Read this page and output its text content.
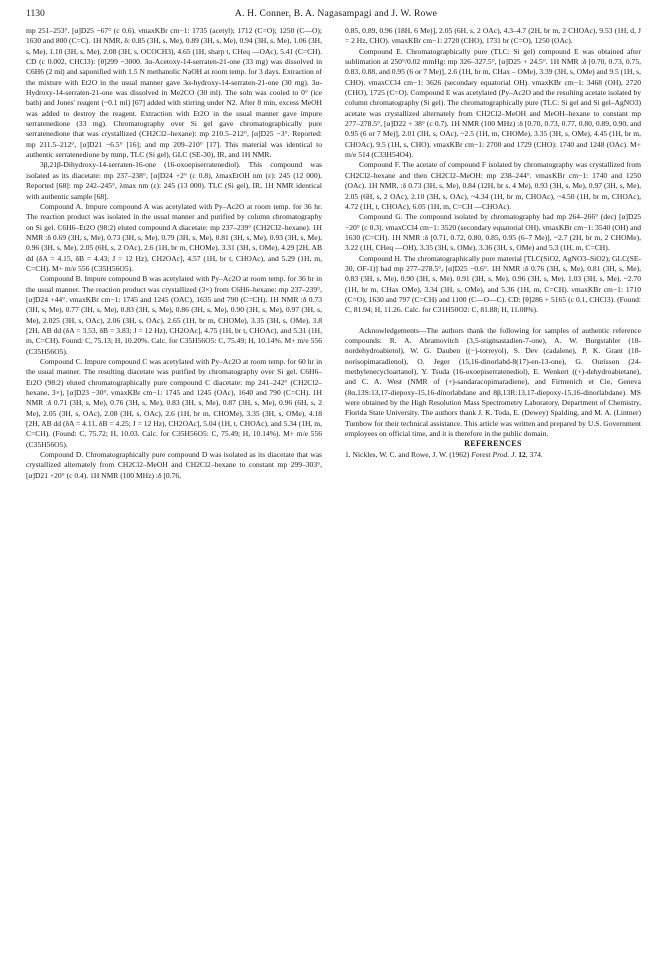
1130	A. H. Conner, B. A. Nagasampagi and J. W. Rowe

mp 251–253°. [α]D25 −67° (c 0.6). νmaxKBr cm−1: 1735 (acetyl); 1712 (C=O); 1250 (C—O); 1630 and 800 (C=C). 1H NMR, δ: 0.85 (3H, s, Me), 0.89 (3H, s, Me), 0.94 (3H, s, Me), 1.06 (3H, s, Me), 1.10 (3H, s, Me), 2.08 (3H, s, OCOCH3), 4.65 (1H, sharp t, CHeq —OAc), 5.41 (C=CH). CD (c 0.002, CHCl3): [θ]299 −3000. 3α-Acetoxy-14-serraten-21-one (33 mg) was dissolved in C6H6 (2 ml) and saponified with 1.5 N methanolic NaOH at room temp. for 3 days. Extraction of the mixture with Et2O in the usual manner gave 3α-hydroxy-14-serraten-21-one (30 mg). 3α-Hydroxy-14-serraten-21-one was dissolved in Me2CO (30 ml). The soln was cooled to 0° (ice bath) and Jones' reagent (~0.1 ml) [67] added with stirring under N2. After 8 min, excess MeOH was added to destroy the reagent. Extraction with Et2O in the usual manner gave impure serratenedione (33 mg). Chromatography over Si gel gave chromatographically pure serratenedione that was crystallized (CH2Cl2–hexane): mp 210.5–212°, [α]D25 −3°. Reported: mp 211.5–212°, [α]D21 −6.5° [16]; and mp 209–210° [17]. This material was identical to authentic serratenedione by mmp, TLC (Si gel), GLC (SE-30), IR, and 1H NMR.

3β,21β-Dihydroxy-14-serraten-16-one (16-oxoepiserratenediol). This compound was isolated as its diacetate: mp 237–238°, [α]D24 +2° (c 0.8), λmaxEtOH nm (ε): 245 (12 000). Reported [68]: mp 242–245°, λmax nm (ε): 245 (13 000). TLC (Si gel), IR, 1H NMR identical with authentic sample [68].

Compound A. Impure compound A was acetylated with Py–Ac2O at room temp. for 36 hr. The reaction product was isolated in the usual manner and purified by column chromatography on Si gel. C6H6–Et2O (98:2) eluted compound A diacetate: mp 237–239° (CH2Cl2–hexane). 1H NMR :δ 0.69 (3H, s, Me), 0.73 (3H, s, Me), 0.79 (3H, s, Me), 0.81 (3H, s, Me), 0.93 (3H, s, Me), 0.96 (3H, s, Me), 2.05 (6H, s, 2 OAc), 2.6 (1H, br m, CHOMe), 3.31 (3H, s, OMe), 4.29 [2H, AB dd (δA = 4.15, δB = 4.43; J = 12 Hz), CH2OAc], 4.57 (1H, br t, CHOAc), and 5.29 (1H, m, C=CH). M+ m/e 556 (C35H56O5).

Compound B. Impure compound B was acetylated with Py–Ac2O at room temp. for 36 hr in the usual manner. The reaction product was crystallized (3×) from C6H6–hexane: mp 237–239°, [α]D24 +44°. νmaxKBr cm−1: 1745 and 1245 (OAC), 1635 and 790 (C=CH). 1H NMR :δ 0.73 (3H, s, Me), 0.77 (3H, s, Me), 0.83 (3H, s, Me), 0.86 (3H, s, Me), 0.90 (3H, s, Me), 0.97 (3H, s, Me), 2.025 (3H, s, OAc), 2.06 (3H, s, OAc), 2.65 (1H, br m, CHOMe), 3.35 (3H, s, OMe), 3.8 [2H, AB dd (δA = 3.53, δB = 3.83; J = 12 Hz), CH2OAc], 4.75 (1H, br t, CHOAc), and 5.31 (1H, m, C=CH). Found: C, 75.13; H, 10.20%. Calc. for C35H56O5: C, 75.49; H, 10.14%. M+ m/e 556 (C35H56O5).

Compound C. Impure compound C was acetylated with Py–Ac2O at room temp. for 60 hr in the usual manner. The resulting diacetate was purified by chromatography over Si gel. C6H6–Et2O (98:2) eluted chromatographically pure compound C diacetate: mp 241–242° (CH2Cl2–hexane, 3×), [α]D23 −30°. νmaxKBr cm−1: 1745 and 1245 (OAc), 1640 and 790 (C=CH). 1H NMR :δ 0.71 (3H, s, Me), 0.76 (3H, s, Me), 0.83 (3H, s, Me), 0.87 (3H, s, Me), 0.96 (6H, s, 2 Me), 2.05 (3H, s, OAc), 2.08 (3H, s, OAc), 2.6 (1H, br m, CHOMe), 3.35 (3H, s, OMe), 4.18 [2H, AB dd (δA = 4.11, δB = 4.25; J = 12 Hz), CH2OAc], 5.04 (1H, t, CHOAc), and 5.34 (1H, m, C=CH). (Found: C, 75.72; H, 10.03. Calc. for C35H56O5: C, 75.49; H, 10.14%). M+ m/e 556 (C35H56O5).

Compound D. Chromatographically pure compound D was isolated as its diacetate that was crystallized alternately from CH2Cl2–MeOH and CH2Cl2–hexane to constant mp 299–303°, [α]D21 +20° (c 0.4). 1H NMR (100 MHz) :δ [0.76,

0.85, 0.89, 0.96 (18H, 6 Me)], 2.05 (6H, s, 2 OAc), 4.3–4.7 (2H, br m, 2 CHOAc), 9.53 (1H, d, J = 2 Hz, CHO). νmaxKBr cm−1: 2720 (CHO), 1731 br (C=O), 1250 (OAc).

Compound E. Chromatographically pure (TLC: Si gel) compound E was obtained after sublimation at 250°/0.02 mmHg: mp 326–327.5°, [α]D25 + 24.5°. 1H NMR :δ [0.70, 0.73, 0.75, 0.83, 0.88, and 0.95 (6 or 7 Me)], 2.6 (1H, br m, CHax – OMe), 3.39 (3H, s, OMe) and 9.5 (1H, s, CHO). νmaxCCl4 cm−1: 3626 (secondary equatorial OH). νmaxKBr cm−1: 3468 (OH), 2720 (CHO), 1725 (C=O). Compound E was acetylated (Py–Ac2O and the resulting acetate isolated by column chromatography (Si gel). The chromatographically pure (TLC: Si gel and Si gel–AgNO3) acetate was crystallized alternately from CH2Cl2–MeOH and MeOH–hexane to constant mp 277–278.5°, [α]D22 + 38° (c 0.7). 1H NMR (100 MHz) :δ [0.70, 0.73, 0.77, 0.80, 0.89, 0.90, and 0.95 (6 or 7 Me)], 2.01 (3H, s, OAc), ~2.5 (1H, m, CHOMe), 3.35 (3H, s, OMe), 4.45 (1H, br m, CHOAc), 9.5 (1H, s, CHO). νmaxKBr cm−1: 2700 and 1729 (CHO): 1740 and 1248 (OAc). M+ m/e 514 (C33H54O4).

Compound F. The acetate of compound F isolated by chromatography was crystallized from CH2Cl2–hexane and then CH2Cl2–MeOH: mp 238–244°. νmaxKBr cm−1: 1740 and 1250 (OAc). 1H NMR, :δ 0.73 (3H, s, Me), 0.84 (12H, br s, 4 Me), 0.93 (3H, s, Me), 0.97 (3H, s, Me), 2.05 (6H, s, 2 OAc), 2.10 (3H, s, OAc), ~4.34 (1H, br m, CHOAc), ~4.50 (1H, br m, CHOAc), 4.72 (1H, t, CHOAc), 6.05 (1H, m, C=CH —CHOAc).

Compound G. The compound isolated by chromatography had mp 264–266° (dec) [α]D25 −20° (c 0.3). νmaxCCl4 cm−1: 3520 (secondary equatorial OH). νmaxKBr cm−1: 3540 (OH) and 1630 (C=CH). 1H NMR :δ [0.71, 0.72, 0.80, 0.85, 0.95 (6–7 Me)], ~2.7 (2H, br m, 2 CHOMe), 3.22 (1H, CHeq —OH), 3.35 (3H, s, OMe), 3.36 (3H, s, OMe) and 5.3 (1H, m, C=CH).

Compound H. The chromatographically pure material [TLC(SiO2, AgNO3–SiO2); GLC(SE-30, OF-1)] had mp 277–278.5°, [α]D25 −0.6°. 1H NMR :δ 0.76 (3H, s, Me), 0.81 (3H, s, Me), 0.83 (3H, s, Me), 0.90 (3H, s, Me), 0.91 (3H, s, Me), 0.96 (3H, s, Me), 1.03 (3H, s, Me), ~2.70 (1H, br m, CHax OMe), 3.34 (3H, s, OMe), and 5.36 (1H, m, C=CH). νmaxKBr cm−1: 1710 (C=O), 1630 and 797 (C=CH) and 1100 (C—O—C). CD: [θ]286 + 5165 (c 0.1, CHCl3). (Found: C, 81.94; H, 11.26. Calc. for C31H50O2: C, 81.88; H, 11.08%).

Acknowledgements—The authors thank the following for samples of authentic reference compounds: R. A. Abramovitch (3,5-stigmastadien-7-one), A. W. Burgstahler (18-nordehydroabietol), W. G. Dauben ((−)-torreyol), S. Dev (cadalene), P. K. Grant (18-norisopimaradienol), O. Jeger (15,16-dinorlabd-8(17)-en-13-one), G. Ourisson (24-methylenecycloartanol), Y. Tsuda (16-oxoepiserratenediol), E. Wenkert ((+)-dehydroabietane), and C. A. West (NMR of (+)-sandaracopimaradiene), and Firmenich et Cie, Geneva (8α,13S:13,17-diepoxy-15,16-dinorlabdane and 8β,13R:13,17-diepoxy-15,16-dinorlabdane). MS were obtained by the High Resolution Mass Spectrometry Laboratory, Department of Chemistry, Florida State University. The authors thank J. K. Toda, E. (Dewey) Spalding, and M. A. (Lintner) Turnbow for their technical assistance. This article was written and prepared by U.S. Government employees on official time, and it is therefore in the public domain.

REFERENCES

1. Nickles, W. C. and Rowe, J. W. (1962) Forest Prod. J. 12, 374.
